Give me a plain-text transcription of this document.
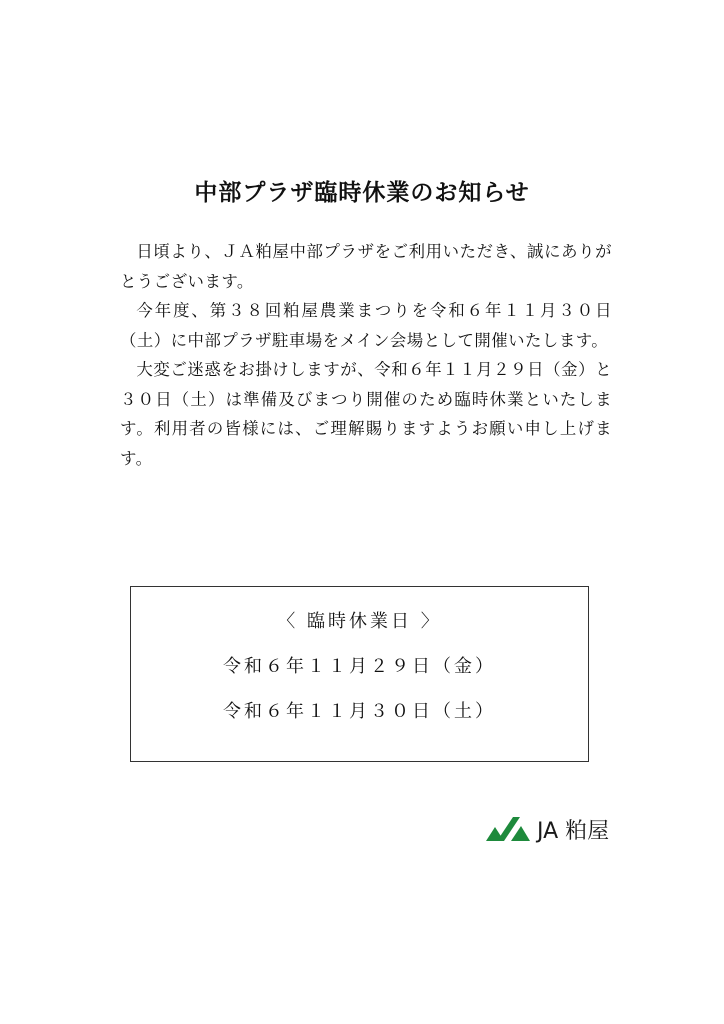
中部プラザ臨時休業のお知らせ

日頃より、ＪＡ粕屋中部プラザをご利用いただき、誠にありがとうございます。

今年度、第３８回粕屋農業まつりを令和６年１１月３０日（土）に中部プラザ駐車場をメイン会場として開催いたします。

大変ご迷惑をお掛けしますが、令和６年１１月２９日（金）と３０日（土）は準備及びまつり開催のため臨時休業といたします。利用者の皆様には、ご理解賜りますようお願い申し上げます。

〈 臨時休業日 〉
令和６年１１月２９日（金）
令和６年１１月３０日（土）
JA 粕屋
